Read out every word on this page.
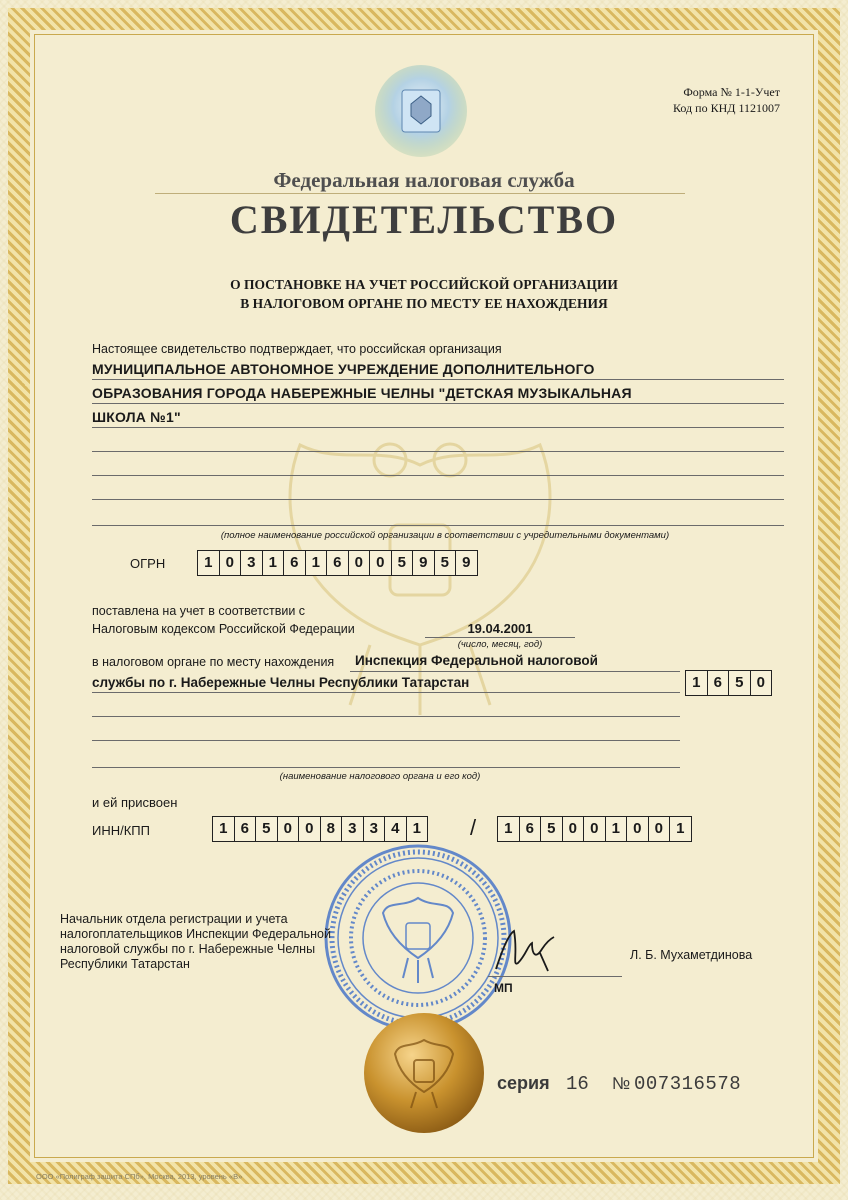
Форма № 1-1-Учет
Код по КНД 1121007
Федеральная налоговая служба
СВИДЕТЕЛЬСТВО
О ПОСТАНОВКЕ НА УЧЕТ РОССИЙСКОЙ ОРГАНИЗАЦИИ
В НАЛОГОВОМ ОРГАНЕ ПО МЕСТУ ЕЕ НАХОЖДЕНИЯ
Настоящее свидетельство подтверждает, что российская организация
МУНИЦИПАЛЬНОЕ АВТОНОМНОЕ УЧРЕЖДЕНИЕ ДОПОЛНИТЕЛЬНОГО
ОБРАЗОВАНИЯ ГОРОДА НАБЕРЕЖНЫЕ ЧЕЛНЫ "ДЕТСКАЯ МУЗЫКАЛЬНАЯ
ШКОЛА №1"
(полное наименование российской организации в соответствии с учредительными документами)
ОГРН	1 0 3 1 6 1 6 0 0 5 9 5 9
поставлена на учет в соответствии с
Налоговым кодексом Российской Федерации	19.04.2001
(число, месяц, год)
в налоговом органе по месту нахождения Инспекция Федеральной налоговой
службы по г. Набережные Челны Республики Татарстан	1 6 5 0
(наименование налогового органа и его код)
и ей присвоен
ИНН/КПП	1 6 5 0 0 8 3 3 4 1 /	1 6 5 0 0 1 0 0 1
Начальник отдела регистрации и учета
налогоплательщиков Инспекции Федеральной
налоговой службы по г. Набережные Челны
Республики Татарстан
МП
Л. Б. Мухаметдинова
серия 16 № 007316578
ООО «Полиграф защита СПб», Москва, 2013, уровень «В»
